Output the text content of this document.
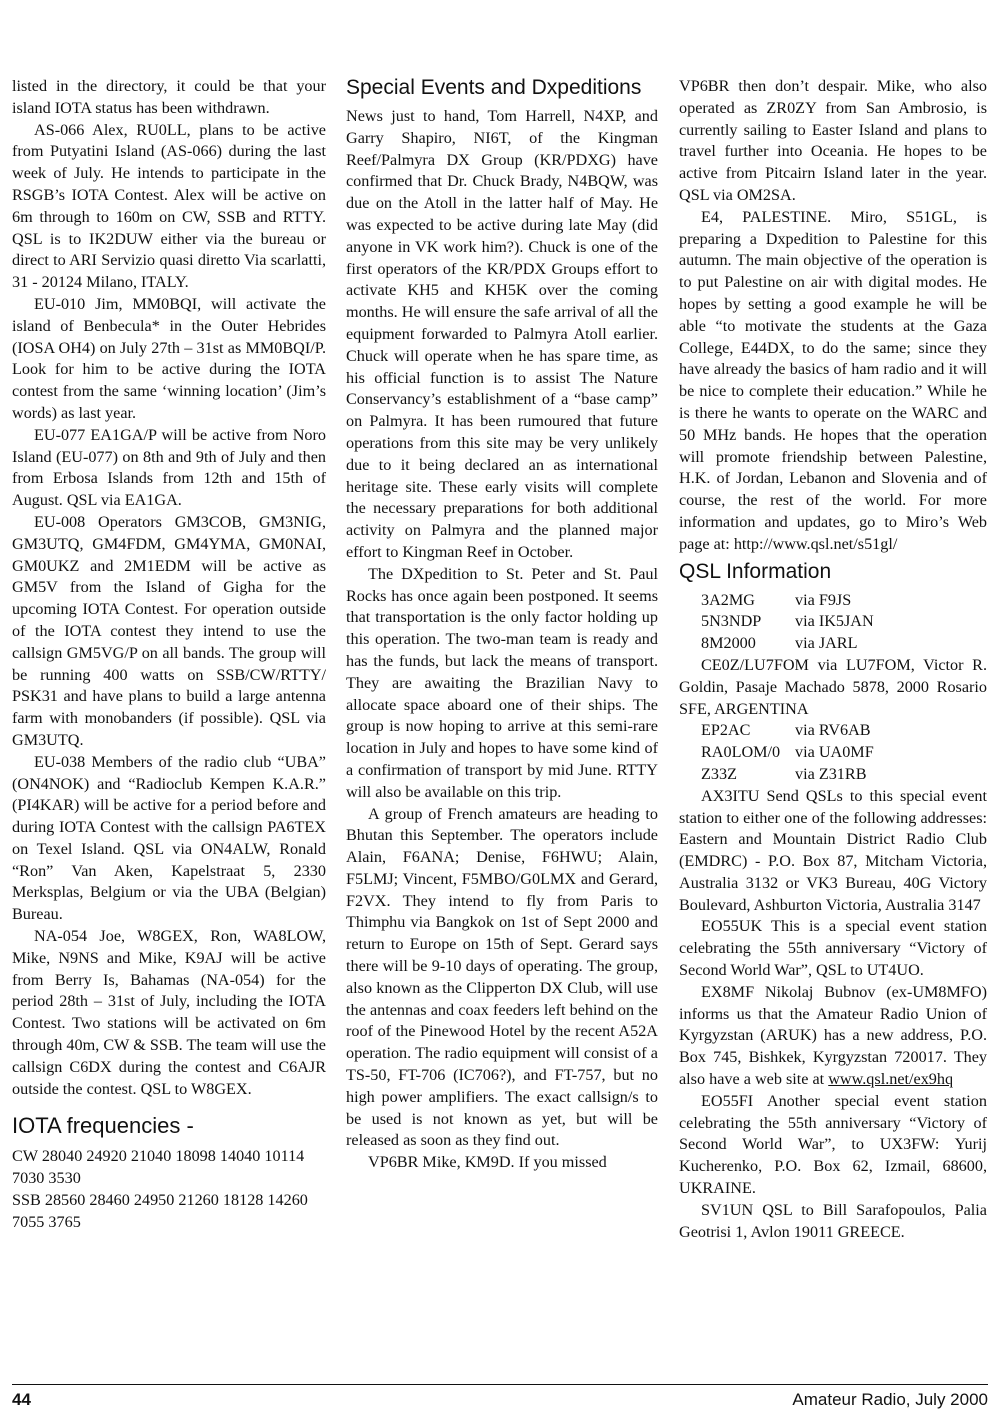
listed in the directory, it could be that your island IOTA status has been withdrawn.

AS-066 Alex, RU0LL, plans to be active from Putyatini Island (AS-066) during the last week of July. He intends to participate in the RSGB’s IOTA Contest. Alex will be active on 6m through to 160m on CW, SSB and RTTY. QSL is to IK2DUW either via the bureau or direct to ARI Servizio quasi diretto Via scarlatti, 31 - 20124 Milano, ITALY.

EU-010 Jim, MM0BQI, will activate the island of Benbecula* in the Outer Hebrides (IOSA OH4) on July 27th – 31st as MM0BQI/P. Look for him to be active during the IOTA contest from the same ‘winning location’ (Jim’s words) as last year.

EU-077 EA1GA/P will be active from Noro Island (EU-077) on 8th and 9th of July and then from Erbosa Islands from 12th and 15th of August. QSL via EA1GA.

EU-008 Operators GM3COB, GM3NIG, GM3UTQ, GM4FDM, GM4YMA, GM0NAI, GM0UKZ and 2M1EDM will be active as GM5V from the Island of Gigha for the upcoming IOTA Contest. For operation outside of the IOTA contest they intend to use the callsign GM5VG/P on all bands. The group will be running 400 watts on SSB/CW/RTTY/ PSK31 and have plans to build a large antenna farm with monobanders (if possible). QSL via GM3UTQ.

EU-038 Members of the radio club “UBA” (ON4NOK) and “Radioclub Kempen K.A.R.” (PI4KAR) will be active for a period before and during IOTA Contest with the callsign PA6TEX on Texel Island. QSL via ON4ALW, Ronald “Ron” Van Aken, Kapelstraat 5, 2330 Merksplas, Belgium or via the UBA (Belgian) Bureau.

NA-054 Joe, W8GEX, Ron, WA8LOW, Mike, N9NS and Mike, K9AJ will be active from Berry Is, Bahamas (NA-054) for the period 28th – 31st of July, including the IOTA Contest. Two stations will be activated on 6m through 40m, CW & SSB. The team will use the callsign C6DX during the contest and C6AJR outside the contest. QSL to W8GEX.

IOTA frequencies -

CW 28040 24920 21040 18098 14040 10114 7030 3530

SSB 28560 28460 24950 21260 18128 14260 7055 3765

Special Events and Dxpeditions

News just to hand, Tom Harrell, N4XP, and Garry Shapiro, NI6T, of the Kingman Reef/Palmyra DX Group (KR/PDXG) have confirmed that Dr. Chuck Brady, N4BQW, was due on the Atoll in the latter half of May. He was expected to be active during late May (did anyone in VK work him?). Chuck is one of the first operators of the KR/PDX Groups effort to activate KH5 and KH5K over the coming months. He will ensure the safe arrival of all the equipment forwarded to Palmyra Atoll earlier. Chuck will operate when he has spare time, as his official function is to assist The Nature Conservancy’s establishment of a “base camp” on Palmyra. It has been rumoured that future operations from this site may be very unlikely due to it being declared an as international heritage site. These early visits will complete the necessary preparations for both additional activity on Palmyra and the planned major effort to Kingman Reef in October.

The DXpedition to St. Peter and St. Paul Rocks has once again been postponed. It seems that transportation is the only factor holding up this operation. The two-man team is ready and has the funds, but lack the means of transport. They are awaiting the Brazilian Navy to allocate space aboard one of their ships. The group is now hoping to arrive at this semi-rare location in July and hopes to have some kind of a confirmation of transport by mid June. RTTY will also be available on this trip.

A group of French amateurs are heading to Bhutan this September. The operators include Alain, F6ANA; Denise, F6HWU; Alain, F5LMJ; Vincent, F5MBO/G0LMX and Gerard, F2VX. They intend to fly from Paris to Thimphu via Bangkok on 1st of Sept 2000 and return to Europe on 15th of Sept. Gerard says there will be 9-10 days of operating. The group, also known as the Clipperton DX Club, will use the antennas and coax feeders left behind on the roof of the Pinewood Hotel by the recent A52A operation. The radio equipment will consist of a TS-50, FT-706 (IC706?), and FT-757, but no high power amplifiers. The exact callsign/s to be used is not known as yet, but will be released as soon as they find out.

VP6BR Mike, KM9D. If you missed

VP6BR then don’t despair. Mike, who also operated as ZR0ZY from San Ambrosio, is currently sailing to Easter Island and plans to travel further into Oceania. He hopes to be active from Pitcairn Island later in the year. QSL via OM2SA.

E4, PALESTINE. Miro, S51GL, is preparing a Dxpedition to Palestine for this autumn. The main objective of the operation is to put Palestine on air with digital modes. He hopes by setting a good example he will be able “to motivate the students at the Gaza College, E44DX, to do the same; since they have already the basics of ham radio and it will be nice to complete their education.” While he is there he wants to operate on the WARC and 50 MHz bands. He hopes that the operation will promote friendship between Palestine, H.K. of Jordan, Lebanon and Slovenia and of course, the rest of the world. For more information and updates, go to Miro’s Web page at: http://www.qsl.net/s51gl/

QSL Information
3A2MG	via F9JS
5N3NDP	via IK5JAN
8M2000	via JARL

CE0Z/LU7FOM via LU7FOM, Victor R. Goldin, Pasaje Machado 5878, 2000 Rosario SFE, ARGENTINA

EP2AC	via RV6AB
RA0LOM/0 via UA0MF
Z33Z	via Z31RB

AX3ITU Send QSLs to this special event station to either one of the following addresses: Eastern and Mountain District Radio Club (EMDRC) - P.O. Box 87, Mitcham Victoria, Australia 3132 or VK3 Bureau, 40G Victory Boulevard, Ashburton Victoria, Australia 3147

EO55UK This is a special event station celebrating the 55th anniversary “Victory of Second World War”, QSL to UT4UO.

EX8MF Nikolaj Bubnov (ex-UM8MFO) informs us that the Amateur Radio Union of Kyrgyzstan (ARUK) has a new address, P.O. Box 745, Bishkek, Kyrgyzstan 720017. They also have a web site at www.qsl.net/ex9hq

EO55FI Another special event station celebrating the 55th anniversary “Victory of Second World War”, to UX3FW: Yurij Kucherenko, P.O. Box 62, Izmail, 68600, UKRAINE.

SV1UN QSL to Bill Sarafopoulos, Palia Geotrisi 1, Avlon 19011 GREECE.

44	Amateur Radio, July 2000
